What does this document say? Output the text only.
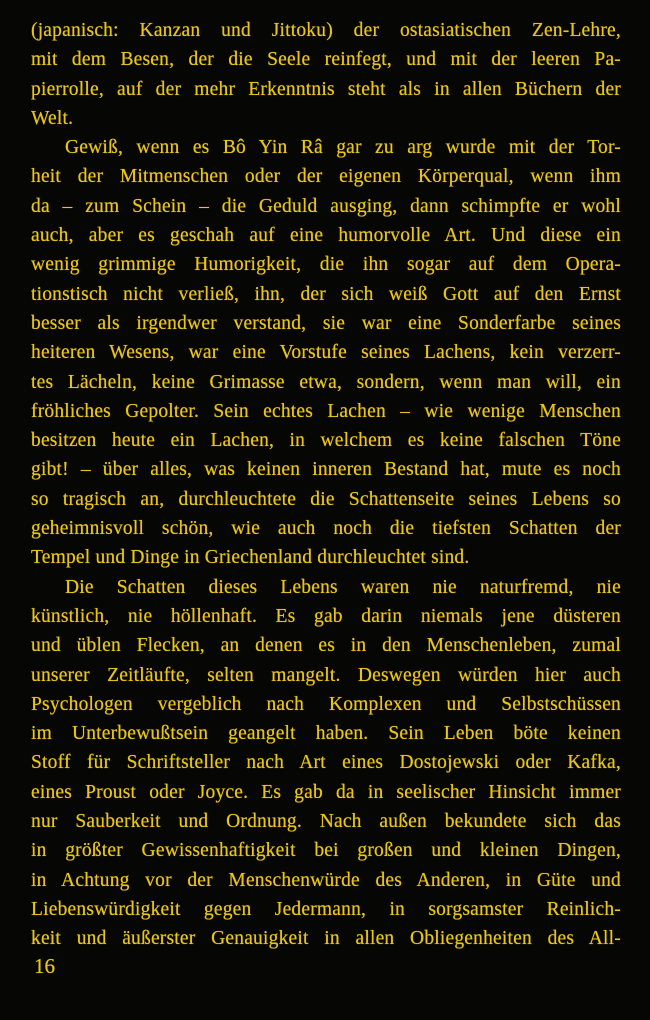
(japanisch: Kanzan und Jittoku) der ostasiatischen Zen-Lehre,
mit dem Besen, der die Seele reinfegt, und mit der leeren Pa-
pierrolle, auf der mehr Erkenntnis steht als in allen Büchern der
Welt.
Gewiß, wenn es Bô Yin Râ gar zu arg wurde mit der Tor-
heit der Mitmenschen oder der eigenen Körperqual, wenn ihm
da – zum Schein – die Geduld ausging, dann schimpfte er wohl
auch, aber es geschah auf eine humorvolle Art. Und diese ein
wenig grimmige Humorigkeit, die ihn sogar auf dem Opera-
tionstisch nicht verließ, ihn, der sich weiß Gott auf den Ernst
besser als irgendwer verstand, sie war eine Sonderfarbe seines
heiteren Wesens, war eine Vorstufe seines Lachens, kein verzerr-
tes Lächeln, keine Grimasse etwa, sondern, wenn man will, ein
fröhliches Gepolter. Sein echtes Lachen – wie wenige Menschen
besitzen heute ein Lachen, in welchem es keine falschen Töne
gibt! – über alles, was keinen inneren Bestand hat, mute es noch
so tragisch an, durchleuchtete die Schattenseite seines Lebens so
geheimnisvoll schön, wie auch noch die tiefsten Schatten der
Tempel und Dinge in Griechenland durchleuchtet sind.
Die Schatten dieses Lebens waren nie naturfremd, nie
künstlich, nie höllenhaft. Es gab darin niemals jene düsteren
und üblen Flecken, an denen es in den Menschenleben, zumal
unserer Zeitläufte, selten mangelt. Deswegen würden hier auch
Psychologen vergeblich nach Komplexen und Selbstschüssen
im Unterbewußtsein geangelt haben. Sein Leben böte keinen
Stoff für Schriftsteller nach Art eines Dostojewski oder Kafka,
eines Proust oder Joyce. Es gab da in seelischer Hinsicht immer
nur Sauberkeit und Ordnung. Nach außen bekundete sich das
in größter Gewissenhaftigkeit bei großen und kleinen Dingen,
in Achtung vor der Menschenwürde des Anderen, in Güte und
Liebenswürdigkeit gegen Jedermann, in sorgsamster Reinlich-
keit und äußerster Genauigkeit in allen Obliegenheiten des All-
16
